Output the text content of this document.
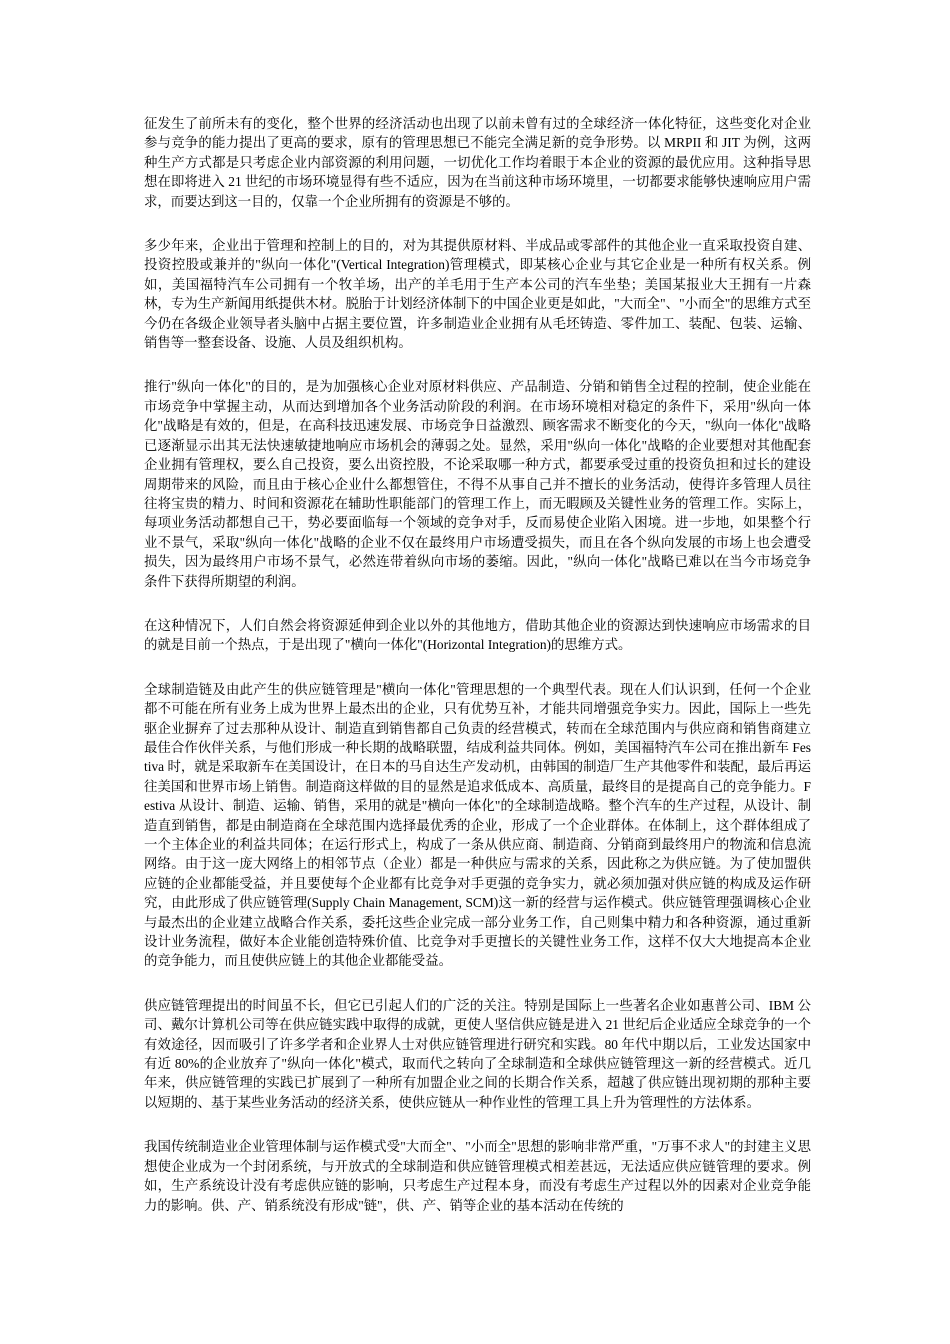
征发生了前所未有的变化，整个世界的经济活动也出现了以前未曾有过的全球经济一体化特征，这些变化对企业参与竞争的能力提出了更高的要求，原有的管理思想已不能完全满足新的竞争形势。以 MRPII 和 JIT 为例，这两种生产方式都是只考虑企业内部资源的利用问题，一切优化工作均着眼于本企业的资源的最优应用。这种指导思想在即将进入 21 世纪的市场环境显得有些不适应，因为在当前这种市场环境里，一切都要求能够快速响应用户需求，而要达到这一目的，仅靠一个企业所拥有的资源是不够的。

多少年来，企业出于管理和控制上的目的，对为其提供原材料、半成品或零部件的其他企业一直采取投资自建、投资控股或兼并的"纵向一体化"(Vertical Integration)管理模式，即某核心企业与其它企业是一种所有权关系。例如，美国福特汽车公司拥有一个牧羊场，出产的羊毛用于生产本公司的汽车坐垫；美国某报业大王拥有一片森林，专为生产新闻用纸提供木材。脱胎于计划经济体制下的中国企业更是如此，"大而全"、"小而全"的思维方式至今仍在各级企业领导者头脑中占据主要位置，许多制造业企业拥有从毛坯铸造、零件加工、装配、包装、运输、销售等一整套设备、设施、人员及组织机构。

推行"纵向一体化"的目的，是为加强核心企业对原材料供应、产品制造、分销和销售全过程的控制，使企业能在市场竞争中掌握主动，从而达到增加各个业务活动阶段的利润。在市场环境相对稳定的条件下，采用"纵向一体化"战略是有效的，但是，在高科技迅速发展、市场竞争日益激烈、顾客需求不断变化的今天，"纵向一体化"战略已逐渐显示出其无法快速敏捷地响应市场机会的薄弱之处。显然，采用"纵向一体化"战略的企业要想对其他配套企业拥有管理权，要么自己投资，要么出资控股，不论采取哪一种方式，都要承受过重的投资负担和过长的建设周期带来的风险，而且由于核心企业什么都想管住，不得不从事自己并不擅长的业务活动，使得许多管理人员往往将宝贵的精力、时间和资源花在辅助性职能部门的管理工作上，而无暇顾及关键性业务的管理工作。实际上，每项业务活动都想自己干，势必要面临每一个领域的竞争对手，反而易使企业陷入困境。进一步地，如果整个行业不景气，采取"纵向一体化"战略的企业不仅在最终用户市场遭受损失，而且在各个纵向发展的市场上也会遭受损失，因为最终用户市场不景气，必然连带着纵向市场的萎缩。因此，"纵向一体化"战略已难以在当今市场竞争条件下获得所期望的利润。

在这种情况下，人们自然会将资源延伸到企业以外的其他地方，借助其他企业的资源达到快速响应市场需求的目的就是目前一个热点，于是出现了"横向一体化"(Horizontal Integration)的思维方式。

全球制造链及由此产生的供应链管理是"横向一体化"管理思想的一个典型代表。现在人们认识到，任何一个企业都不可能在所有业务上成为世界上最杰出的企业，只有优势互补，才能共同增强竞争实力。因此，国际上一些先驱企业摒弃了过去那种从设计、制造直到销售都自己负责的经营模式，转而在全球范围内与供应商和销售商建立最佳合作伙伴关系，与他们形成一种长期的战略联盟，结成利益共同体。例如，美国福特汽车公司在推出新车 Festiva 时，就是采取新车在美国设计，在日本的马自达生产发动机，由韩国的制造厂生产其他零件和装配，最后再运往美国和世界市场上销售。制造商这样做的目的显然是追求低成本、高质量，最终目的是提高自己的竞争能力。Festiva 从设计、制造、运输、销售，采用的就是"横向一体化"的全球制造战略。整个汽车的生产过程，从设计、制造直到销售，都是由制造商在全球范围内选择最优秀的企业，形成了一个企业群体。在体制上，这个群体组成了一个主体企业的利益共同体；在运行形式上，构成了一条从供应商、制造商、分销商到最终用户的物流和信息流网络。由于这一庞大网络上的相邻节点（企业）都是一种供应与需求的关系，因此称之为供应链。为了使加盟供应链的企业都能受益，并且要使每个企业都有比竞争对手更强的竞争实力，就必须加强对供应链的构成及运作研究，由此形成了供应链管理(Supply Chain Management, SCM)这一新的经营与运作模式。供应链管理强调核心企业与最杰出的企业建立战略合作关系，委托这些企业完成一部分业务工作，自己则集中精力和各种资源，通过重新设计业务流程，做好本企业能创造特殊价值、比竞争对手更擅长的关键性业务工作，这样不仅大大地提高本企业的竞争能力，而且使供应链上的其他企业都能受益。

供应链管理提出的时间虽不长，但它已引起人们的广泛的关注。特别是国际上一些著名企业如惠普公司、IBM 公司、戴尔计算机公司等在供应链实践中取得的成就，更使人坚信供应链是进入 21 世纪后企业适应全球竞争的一个有效途径，因而吸引了许多学者和企业界人士对供应链管理进行研究和实践。80 年代中期以后，工业发达国家中有近 80%的企业放弃了"纵向一体化"模式，取而代之转向了全球制造和全球供应链管理这一新的经营模式。近几年来，供应链管理的实践已扩展到了一种所有加盟企业之间的长期合作关系，超越了供应链出现初期的那种主要以短期的、基于某些业务活动的经济关系，使供应链从一种作业性的管理工具上升为管理性的方法体系。

我国传统制造业企业管理体制与运作模式受"大而全"、"小而全"思想的影响非常严重，"万事不求人"的封建主义思想使企业成为一个封闭系统，与开放式的全球制造和供应链管理模式相差甚远，无法适应供应链管理的要求。例如，生产系统设计没有考虑供应链的影响，只考虑生产过程本身，而没有考虑生产过程以外的因素对企业竞争能力的影响。供、产、销系统没有形成"链"，供、产、销等企业的基本活动在传统的
